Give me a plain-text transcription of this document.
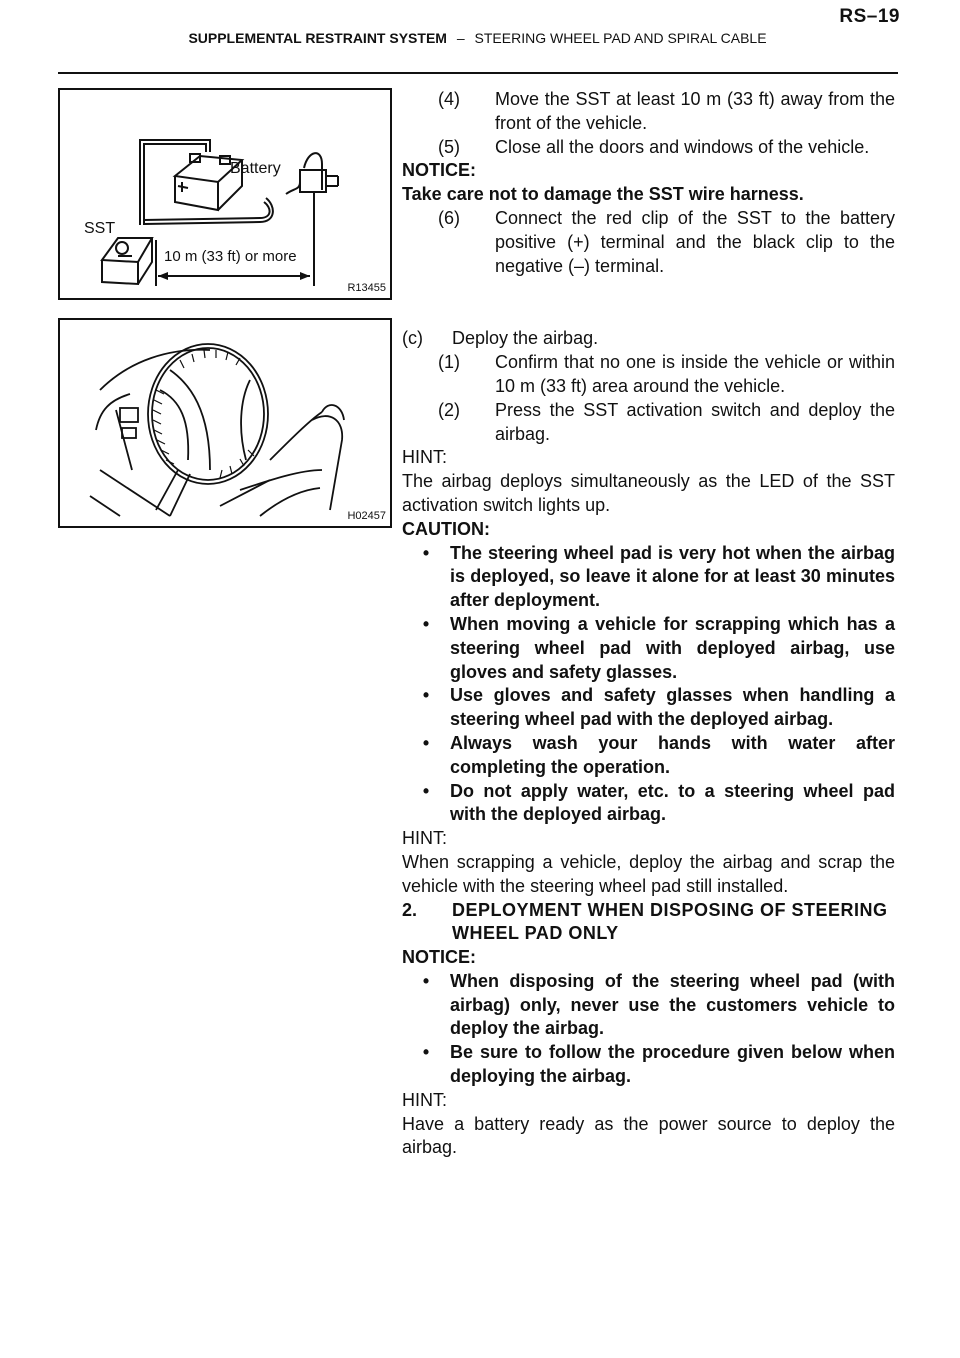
RS–19
SUPPLEMENTAL RESTRAINT SYSTEM – STEERING WHEEL PAD AND SPIRAL CABLE
Battery
SST
10 m (33 ft) or more
R13455
H02457
(4)	Move the SST at least 10 m (33 ft) away from the front of the vehicle.
(5)	Close all the doors and windows of the vehicle.

NOTICE:

Take care not to damage the SST wire harness.

(6)	Connect the red clip of the SST to the battery positive (+) terminal and the black clip to the negative (–) terminal.
(c)	Deploy the airbag.
(1)	Confirm that no one is inside the vehicle or within 10 m (33 ft) area around the vehicle.
(2)	Press the SST activation switch and deploy the airbag.

HINT:

The airbag deploys simultaneously as the LED of the SST activation switch lights up.

CAUTION:

•	The steering wheel pad is very hot when the airbag is deployed, so leave it alone for at least 30 minutes after deployment.
•	When moving a vehicle for scrapping which has a steering wheel pad with deployed airbag, use gloves and safety glasses.
•	Use gloves and safety glasses when handling a steering wheel pad with the deployed airbag.
•	Always wash your hands with water after completing the operation.
•	Do not apply water, etc. to a steering wheel pad with the deployed airbag.

HINT:

When scrapping a vehicle, deploy the airbag and scrap the vehicle with the steering wheel pad still installed.

2.	DEPLOYMENT WHEN DISPOSING OF STEERING WHEEL PAD ONLY

NOTICE:

•	When disposing of the steering wheel pad (with airbag) only, never use the customers vehicle to deploy the airbag.
•	Be sure to follow the procedure given below when deploying the airbag.

HINT:

Have a battery ready as the power source to deploy the airbag.
